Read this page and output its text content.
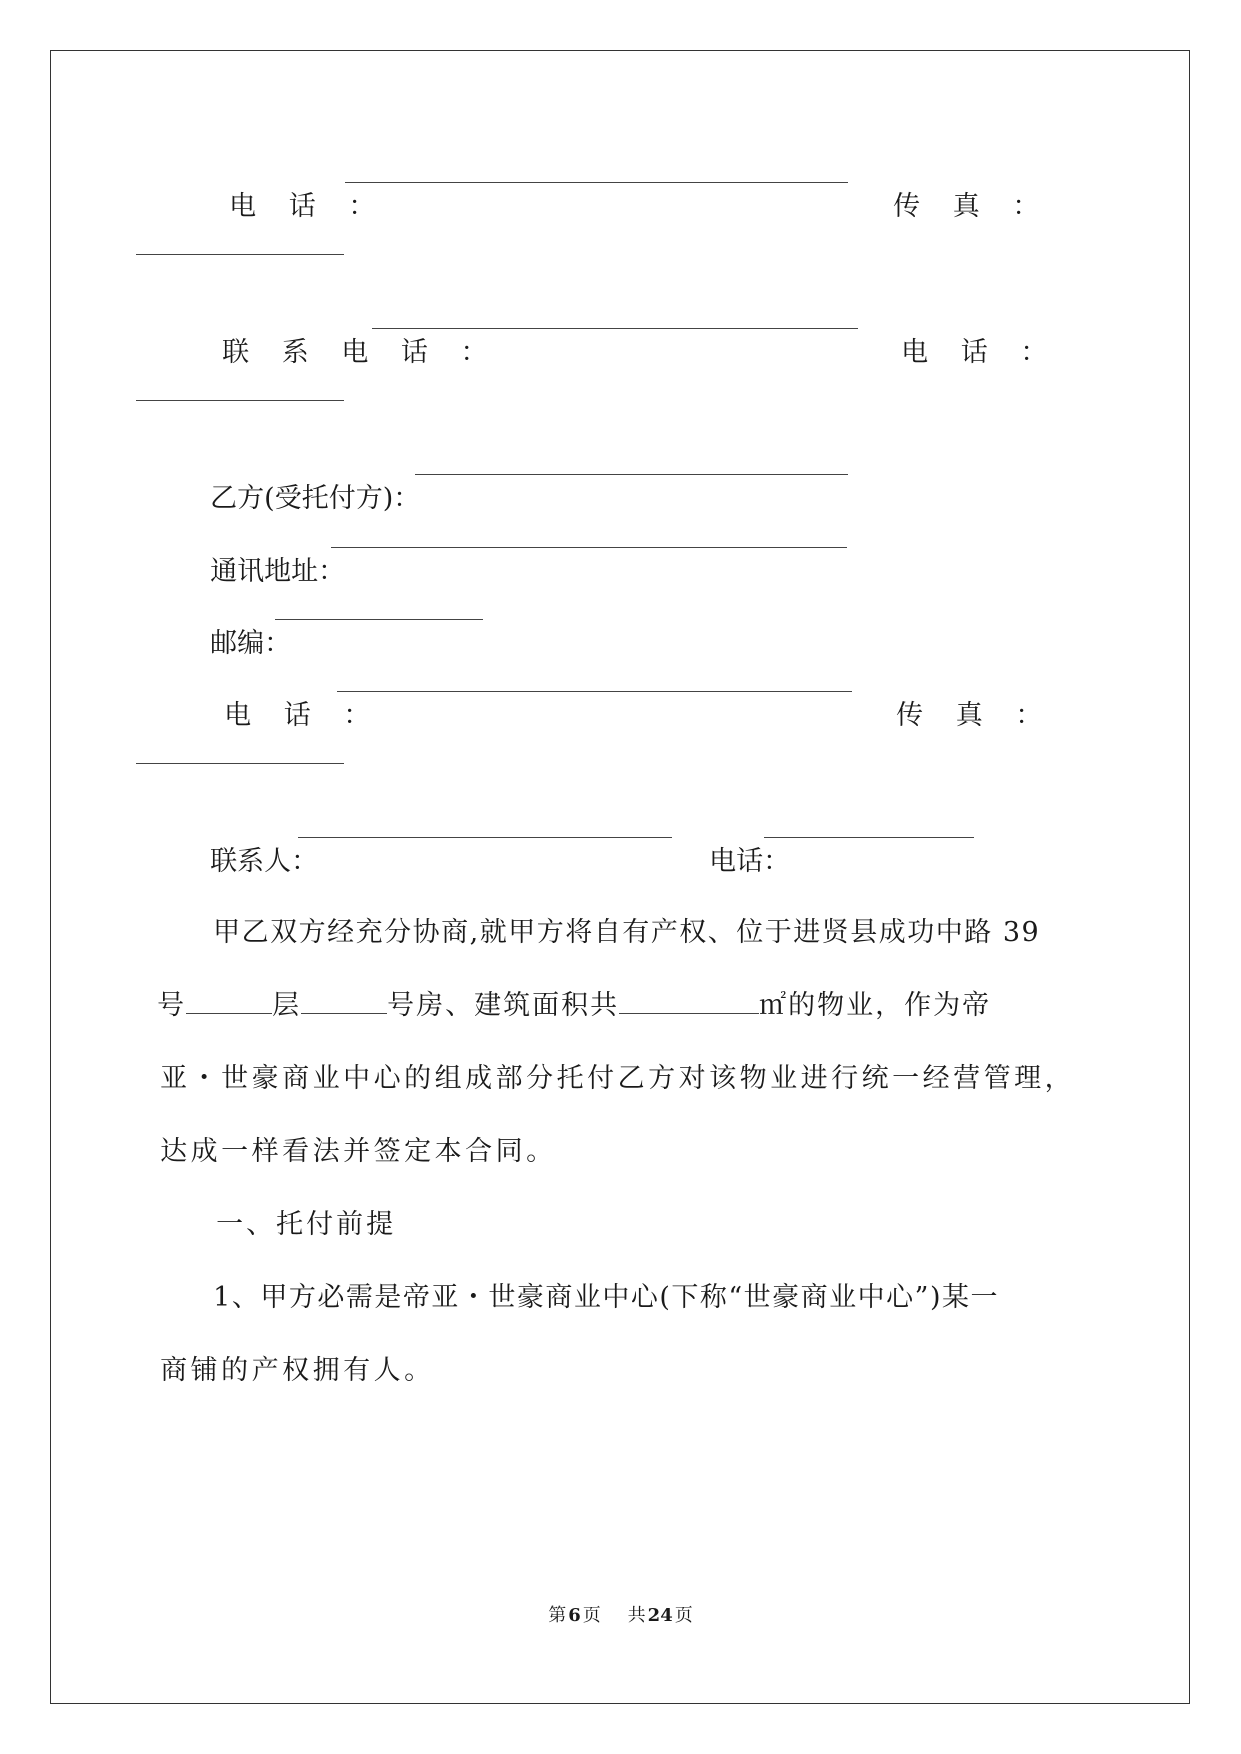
电 话 ：	传 真 ：

联 系 电 话 ：	电 话 ：

乙方(受托付方)：

通讯地址：

邮编：

电 话 ：	传 真 ：

联系人：	电话：

甲乙双方经充分协商,就甲方将自有产权、位于进贤县成功中路 39

号	层	号房、建筑面积共	㎡的物业，作为帝

亚・世豪商业中心的组成部分托付乙方对该物业进行统一经营管理，

达成一样看法并签定本合同。

一、托付前提

1、甲方必需是帝亚・世豪商业中心(下称“世豪商业中心”)某一

商铺的产权拥有人。

第 6 页 共 24 页
